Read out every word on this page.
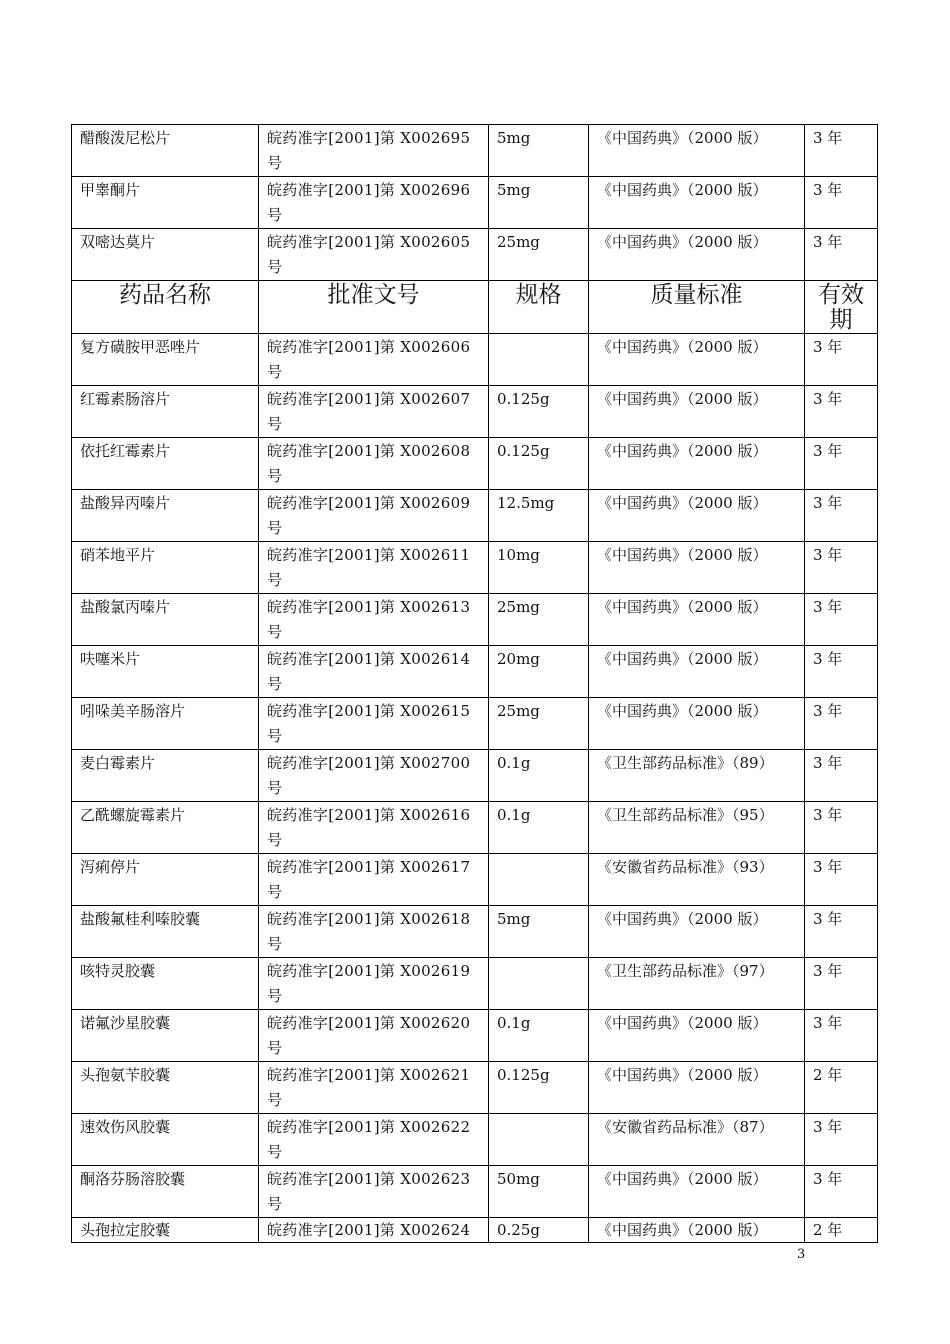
醋酸泼尼松片	皖药准字[2001]第 X002695 号	5mg	《中国药典》（2000 版）	3 年
甲睾酮片	皖药准字[2001]第 X002696 号	5mg	《中国药典》（2000 版）	3 年
双嘧达莫片	皖药准字[2001]第 X002605 号	25mg	《中国药典》（2000 版）	3 年
药品名称	批准文号	规格	质量标准	有效期
复方磺胺甲恶唑片	皖药准字[2001]第 X002606 号		《中国药典》（2000 版）	3 年
红霉素肠溶片	皖药准字[2001]第 X002607 号	0.125g	《中国药典》（2000 版）	3 年
依托红霉素片	皖药准字[2001]第 X002608 号	0.125g	《中国药典》（2000 版）	3 年
盐酸异丙嗪片	皖药准字[2001]第 X002609 号	12.5mg	《中国药典》（2000 版）	3 年
硝苯地平片	皖药准字[2001]第 X002611 号	10mg	《中国药典》（2000 版）	3 年
盐酸氯丙嗪片	皖药准字[2001]第 X002613 号	25mg	《中国药典》（2000 版）	3 年
呋噻米片	皖药准字[2001]第 X002614 号	20mg	《中国药典》（2000 版）	3 年
吲哚美辛肠溶片	皖药准字[2001]第 X002615 号	25mg	《中国药典》（2000 版）	3 年
麦白霉素片	皖药准字[2001]第 X002700 号	0.1g	《卫生部药品标准》（89）	3 年
乙酰螺旋霉素片	皖药准字[2001]第 X002616 号	0.1g	《卫生部药品标准》（95）	3 年
泻痢停片	皖药准字[2001]第 X002617 号		《安徽省药品标准》（93）	3 年
盐酸氟桂利嗪胶囊	皖药准字[2001]第 X002618 号	5mg	《中国药典》（2000 版）	3 年
咳特灵胶囊	皖药准字[2001]第 X002619 号		《卫生部药品标准》（97）	3 年
诺氟沙星胶囊	皖药准字[2001]第 X002620 号	0.1g	《中国药典》（2000 版）	3 年
头孢氨苄胶囊	皖药准字[2001]第 X002621 号	0.125g	《中国药典》（2000 版）	2 年
速效伤风胶囊	皖药准字[2001]第 X002622 号		《安徽省药品标准》（87）	3 年
酮洛芬肠溶胶囊	皖药准字[2001]第 X002623 号	50mg	《中国药典》（2000 版）	3 年
头孢拉定胶囊	皖药准字[2001]第 X002624	0.25g	《中国药典》（2000 版）	2 年
3
